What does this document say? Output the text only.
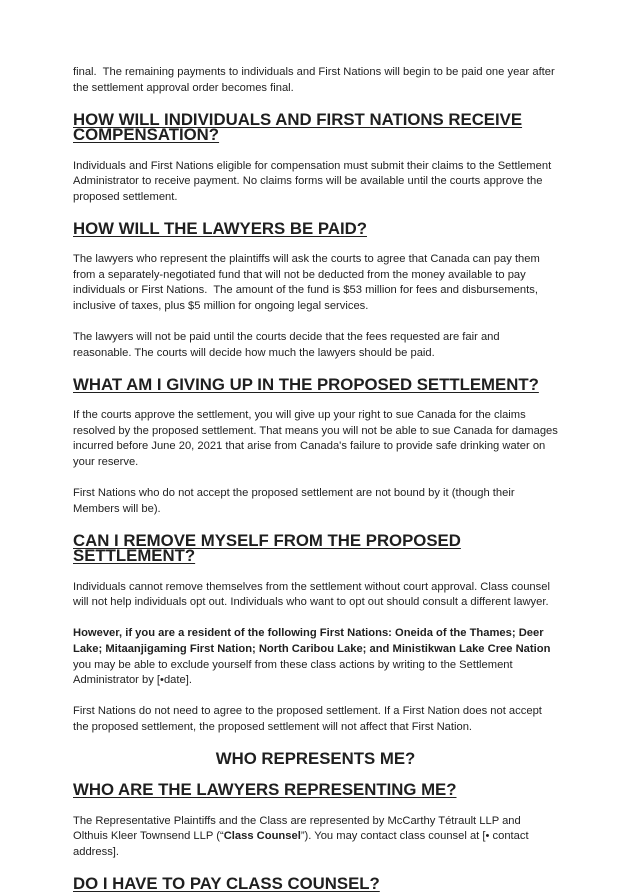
final.  The remaining payments to individuals and First Nations will begin to be paid one year after the settlement approval order becomes final.

HOW WILL INDIVIDUALS AND FIRST NATIONS RECEIVE COMPENSATION?

Individuals and First Nations eligible for compensation must submit their claims to the Settlement Administrator to receive payment. No claims forms will be available until the courts approve the proposed settlement.

HOW WILL THE LAWYERS BE PAID?

The lawyers who represent the plaintiffs will ask the courts to agree that Canada can pay them from a separately-negotiated fund that will not be deducted from the money available to pay individuals or First Nations.  The amount of the fund is $53 million for fees and disbursements, inclusive of taxes, plus $5 million for ongoing legal services.

The lawyers will not be paid until the courts decide that the fees requested are fair and reasonable. The courts will decide how much the lawyers should be paid.

WHAT AM I GIVING UP IN THE PROPOSED SETTLEMENT?

If the courts approve the settlement, you will give up your right to sue Canada for the claims resolved by the proposed settlement. That means you will not be able to sue Canada for damages incurred before June 20, 2021 that arise from Canada's failure to provide safe drinking water on your reserve.

First Nations who do not accept the proposed settlement are not bound by it (though their Members will be).

CAN I REMOVE MYSELF FROM THE PROPOSED SETTLEMENT?

Individuals cannot remove themselves from the settlement without court approval. Class counsel will not help individuals opt out. Individuals who want to opt out should consult a different lawyer.

However, if you are a resident of the following First Nations: Oneida of the Thames; Deer Lake; Mitaanjigaming First Nation; North Caribou Lake; and Ministikwan Lake Cree Nation you may be able to exclude yourself from these class actions by writing to the Settlement Administrator by [•date].

First Nations do not need to agree to the proposed settlement. If a First Nation does not accept the proposed settlement, the proposed settlement will not affect that First Nation.

WHO REPRESENTS ME?
WHO ARE THE LAWYERS REPRESENTING ME?

The Representative Plaintiffs and the Class are represented by McCarthy Tétrault LLP and Olthuis Kleer Townsend LLP (“Class Counsel”). You may contact class counsel at [• contact address].

DO I HAVE TO PAY CLASS COUNSEL?
